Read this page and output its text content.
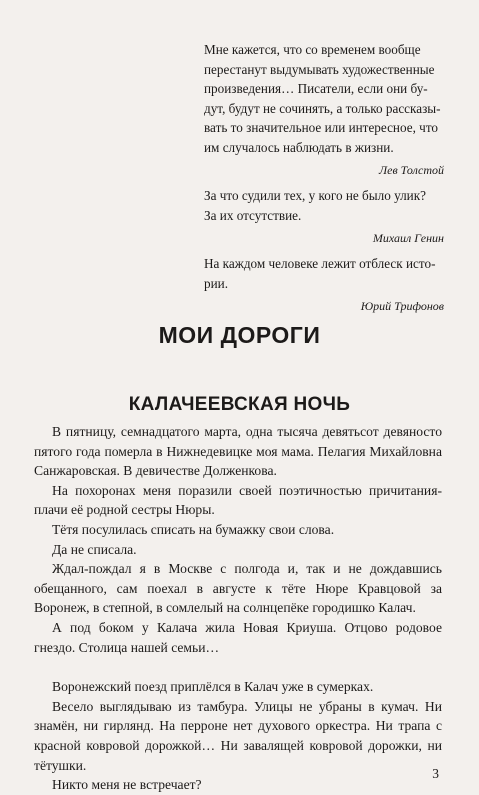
Мне кажется, что со временем вообще

перестанут выдумывать художественные

произведения… Писатели, если они бу-

дут, будут не сочинять, а только рассказы-

вать то значительное или интересное, что

им случалось наблюдать в жизни.

Лев Толстой

За что судили тех, у кого не было улик?

За их отсутствие.

Михаил Генин

На каждом человеке лежит отблеск исто-

рии.

Юрий Трифонов
МОИ ДОРОГИ
КАЛАЧЕЕВСКАЯ НОЧЬ

В пятницу, семнадцатого марта, одна тысяча девятьсот девяносто пятого года померла в Нижнедевицке моя мама. Пелагия Михайловна Санжаровская. В девичестве Долженкова.

На похоронах меня поразили своей поэтичностью причитания-плачи её родной сестры Нюры.

Тётя посулилась списать на бумажку свои слова.

Да не списала.

Ждал-пождал я в Москве с полгода и, так и не дождавшись обещанного, сам поехал в августе к тёте Нюре Кравцовой за Воронеж, в степной, в сомлелый на солнцепёке городишко Калач.

А под боком у Калача жила Новая Криуша. Отцово родовое гнездо. Столица нашей семьи…

Воронежский поезд приплёлся в Калач уже в сумерках.

Весело выглядываю из тамбура. Улицы не убраны в кумач. Ни знамён, ни гирлянд. На перроне нет духового оркестра. Ни трапа с красной ковровой дорожкой… Ни завалящей ковровой дорожки, ни тётушки.

Никто меня не встречает?

3
